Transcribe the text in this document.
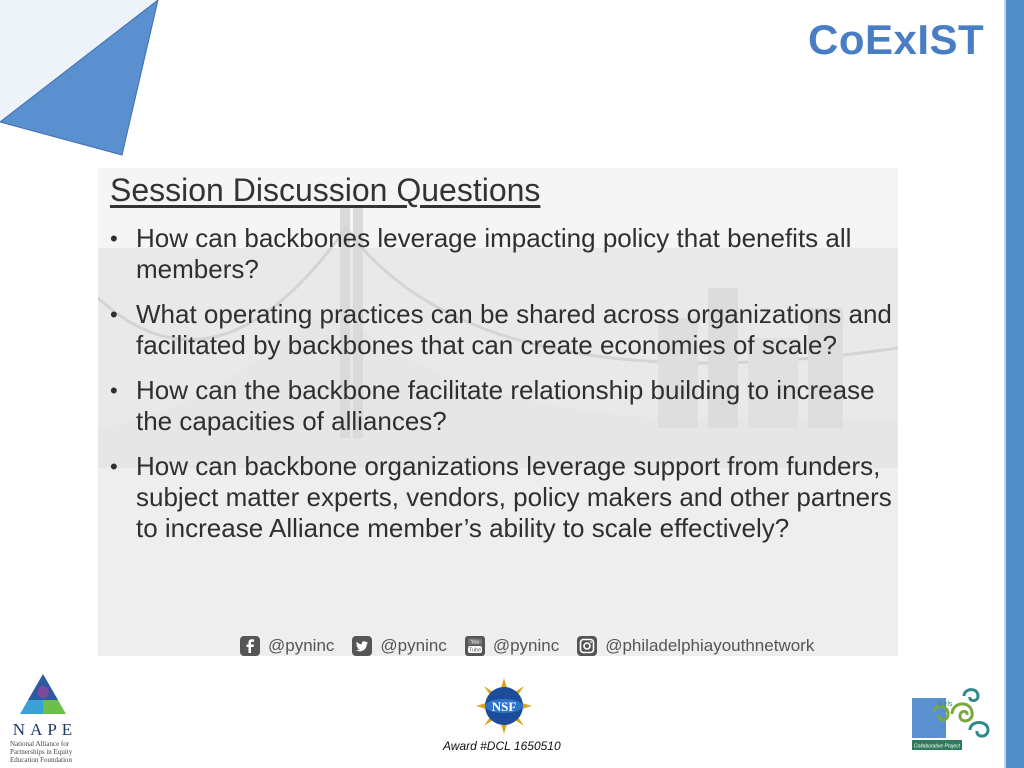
CoExIST
Session Discussion Questions
• How can backbones leverage impacting policy that benefits all members?
• What operating practices can be shared across organizations and facilitated by backbones that can create economies of scale?
• How can the backbone facilitate relationship building to increase the capacities of alliances?
• How can backbone organizations leverage support from funders, subject matter experts, vendors, policy makers and other partners to increase Alliance member’s ability to scale effectively?
@pyninc	@pyninc	You
Tube @pyninc	@philadelphiayouthnetwork
NAPE
National Alliance for Partnerships in Equity Education Foundation
NSF
Award #DCL 1650510
Girls
Collaborative Project
